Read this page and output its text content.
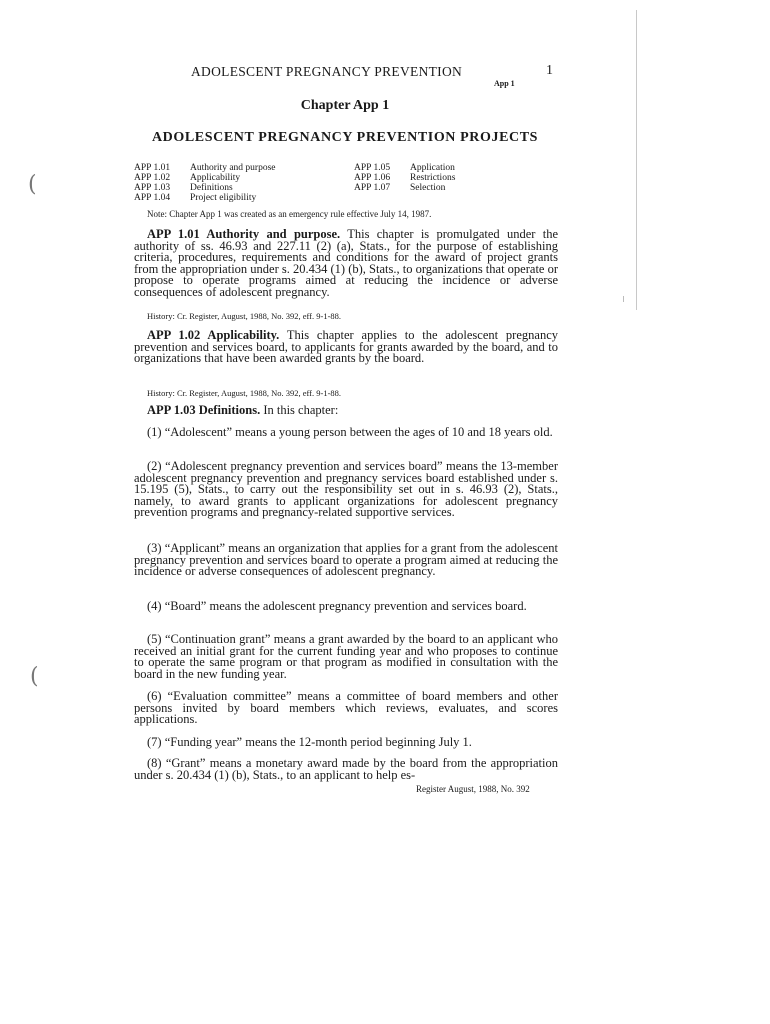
(
(
ADOLESCENT PREGNANCY PREVENTION	1
App 1
Chapter App 1
ADOLESCENT PREGNANCY PREVENTION PROJECTS
APP 1.01 Authority and purpose
APP 1.02 Applicability
APP 1.03 Definitions
APP 1.04 Project eligibility
APP 1.05 Application
APP 1.06 Restrictions
APP 1.07 Selection
Note: Chapter App 1 was created as an emergency rule effective July 14, 1987.

APP 1.01 Authority and purpose. This chapter is promulgated under the authority of ss. 46.93 and 227.11 (2) (a), Stats., for the purpose of establishing criteria, procedures, requirements and conditions for the award of project grants from the appropriation under s. 20.434 (1) (b), Stats., to organizations that operate or propose to operate programs aimed at reducing the incidence or adverse consequences of adolescent pregnancy.

History: Cr. Register, August, 1988, No. 392, eff. 9-1-88.

APP 1.02 Applicability. This chapter applies to the adolescent pregnancy prevention and services board, to applicants for grants awarded by the board, and to organizations that have been awarded grants by the board.

History: Cr. Register, August, 1988, No. 392, eff. 9-1-88.

APP 1.03 Definitions. In this chapter:

(1) “Adolescent” means a young person between the ages of 10 and 18 years old.

(2) “Adolescent pregnancy prevention and services board” means the 13-member adolescent pregnancy prevention and pregnancy services board established under s. 15.195 (5), Stats., to carry out the responsibility set out in s. 46.93 (2), Stats., namely, to award grants to applicant organizations for adolescent pregnancy prevention programs and pregnancy-related supportive services.

(3) “Applicant” means an organization that applies for a grant from the adolescent pregnancy prevention and services board to operate a program aimed at reducing the incidence or adverse consequences of adolescent pregnancy.

(4) “Board” means the adolescent pregnancy prevention and services board.

(5) “Continuation grant” means a grant awarded by the board to an applicant who received an initial grant for the current funding year and who proposes to continue to operate the same program or that program as modified in consultation with the board in the new funding year.

(6) “Evaluation committee” means a committee of board members and other persons invited by board members which reviews, evaluates, and scores applications.

(7) “Funding year” means the 12-month period beginning July 1.

(8) “Grant” means a monetary award made by the board from the appropriation under s. 20.434 (1) (b), Stats., to an applicant to help es-

Register August, 1988, No. 392
